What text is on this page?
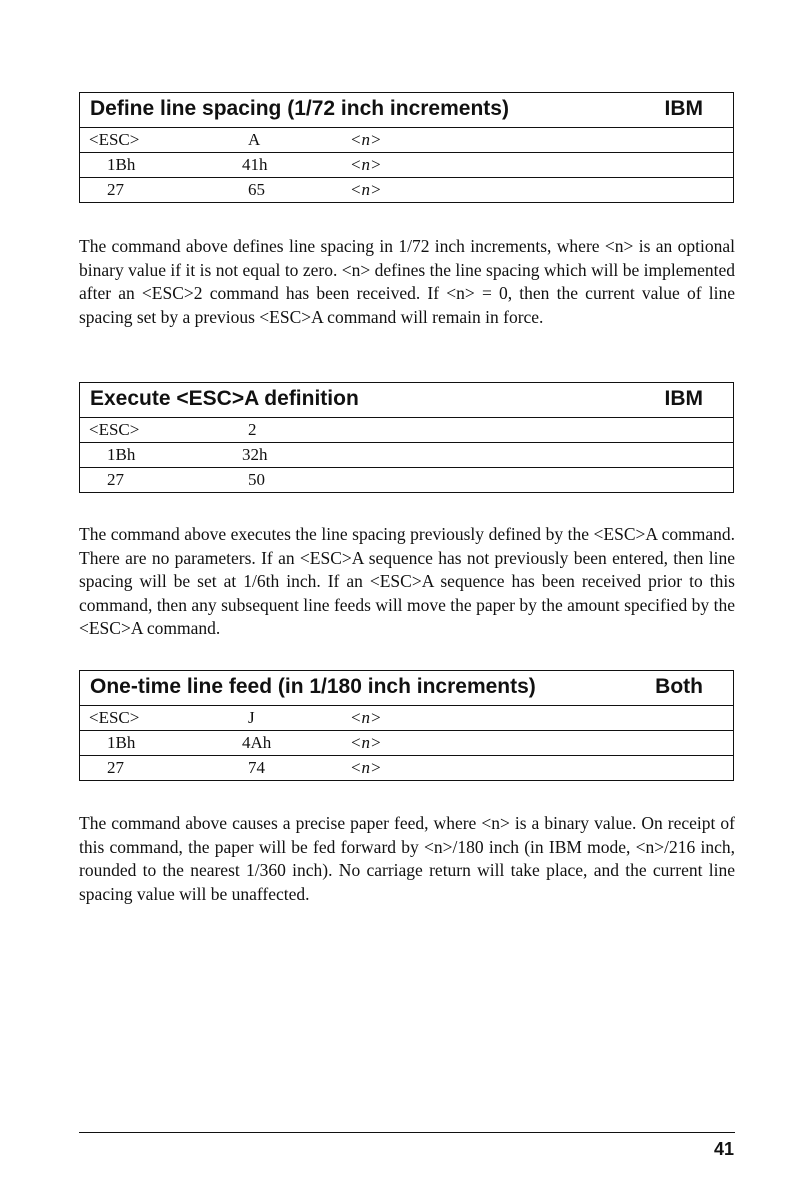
Define line spacing (1/72 inch increments)	IBM
<ESC>	A	<n>
1Bh	41h	<n>
27	65	<n>

The command above defines line spacing in 1/72 inch increments, where <n> is an optional binary value if it is not equal to zero. <n> defines the line spacing which will be implemented after an <ESC>2 command has been received. If <n> = 0, then the current value of line spacing set by a previous <ESC>A command will remain in force.

Execute <ESC>A definition	IBM
<ESC>	2
1Bh	32h
27	50

The command above executes the line spacing previously defined by the <ESC>A command. There are no parameters. If an <ESC>A sequence has not previously been entered, then line spacing will be set at 1/6th inch. If an <ESC>A sequence has been received prior to this command, then any subsequent line feeds will move the paper by the amount specified by the <ESC>A command.

One-time line feed (in 1/180 inch increments)	Both
<ESC>	J	<n>
1Bh	4Ah	<n>
27	74	<n>

The command above causes a precise paper feed, where <n> is a binary value. On receipt of this command, the paper will be fed forward by <n>/180 inch (in IBM mode, <n>/216 inch, rounded to the nearest 1/360 inch). No carriage return will take place, and the current line spacing value will be unaffected.

41
